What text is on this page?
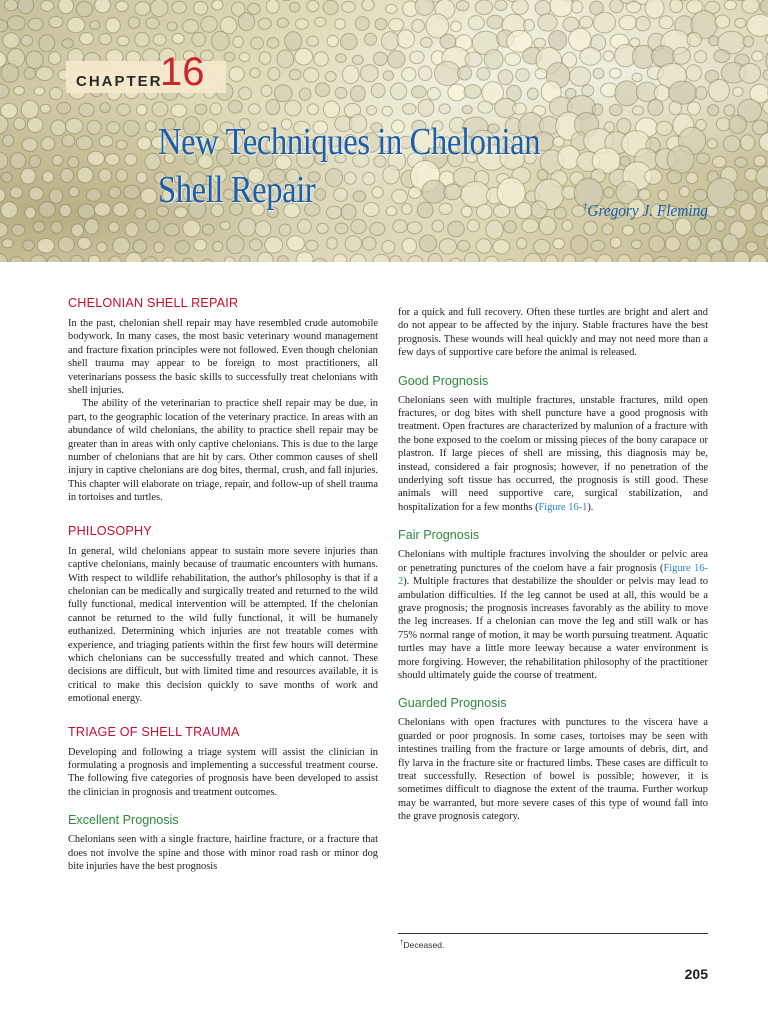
CHAPTER
16
New Techniques in Chelonian
Shell Repair	†Gregory J. Fleming
CHELONIAN SHELL REPAIR

In the past, chelonian shell repair may have resembled crude automobile bodywork. In many cases, the most basic veterinary wound management and fracture fixation principles were not followed. Even though chelonian shell trauma may appear to be foreign to most practitioners, all veterinarians possess the basic skills to successfully treat chelonians with shell injuries.

The ability of the veterinarian to practice shell repair may be due, in part, to the geographic location of the veterinary practice. In areas with an abundance of wild chelonians, the ability to practice shell repair may be greater than in areas with only captive chelonians. This is due to the large number of chelonians that are hit by cars. Other common causes of shell injury in captive chelonians are dog bites, thermal, crush, and fall injuries. This chapter will elaborate on triage, repair, and follow-up of shell trauma in tortoises and turtles.

PHILOSOPHY

In general, wild chelonians appear to sustain more severe injuries than captive chelonians, mainly because of traumatic encounters with humans. With respect to wildlife rehabilitation, the author's philosophy is that if a chelonian can be medically and surgically treated and returned to the wild fully functional, medical intervention will be attempted. If the chelonian cannot be returned to the wild fully functional, it will be humanely euthanized. Determining which injuries are not treatable comes with experience, and triaging patients within the first few hours will determine which chelonians can be successfully treated and which cannot. These decisions are difficult, but with limited time and resources available, it is critical to make this decision quickly to save months of work and emotional energy.

TRIAGE OF SHELL TRAUMA

Developing and following a triage system will assist the clinician in formulating a prognosis and implementing a successful treatment course. The following five categories of prognosis have been developed to assist the clinician in prognosis and treatment outcomes.

Excellent Prognosis

Chelonians seen with a single fracture, hairline fracture, or a fracture that does not involve the spine and those with minor road rash or minor dog bite injuries have the best prognosis

for a quick and full recovery. Often these turtles are bright and alert and do not appear to be affected by the injury. Stable fractures have the best prognosis. These wounds will heal quickly and may not need more than a few days of supportive care before the animal is released.

Good Prognosis

Chelonians seen with multiple fractures, unstable fractures, mild open fractures, or dog bites with shell puncture have a good prognosis with treatment. Open fractures are characterized by malunion of a fracture with the bone exposed to the coelom or missing pieces of the bony carapace or plastron. If large pieces of shell are missing, this diagnosis may be, instead, considered a fair prognosis; however, if no penetration of the underlying soft tissue has occurred, the prognosis is still good. These animals will need supportive care, surgical stabilization, and hospitalization for a few months (Figure 16-1).

Fair Prognosis

Chelonians with multiple fractures involving the shoulder or pelvic area or penetrating punctures of the coelom have a fair prognosis (Figure 16-2). Multiple fractures that destabilize the shoulder or pelvis may lead to ambulation difficulties. If the leg cannot be used at all, this would be a grave prognosis; the prognosis increases favorably as the ability to move the leg increases. If a chelonian can move the leg and still walk or has 75% normal range of motion, it may be worth pursuing treatment. Aquatic turtles may have a little more leeway because a water environment is more forgiving. However, the rehabilitation philosophy of the practitioner should ultimately guide the course of treatment.

Guarded Prognosis

Chelonians with open fractures with punctures to the viscera have a guarded or poor prognosis. In some cases, tortoises may be seen with intestines trailing from the fracture or large amounts of debris, dirt, and fly larva in the fracture site or fractured limbs. These cases are difficult to treat successfully. Resection of bowel is possible; however, it is sometimes difficult to diagnose the extent of the trauma. Further workup may be warranted, but more severe cases of this type of wound fall into the grave prognosis category.

†Deceased.
205
